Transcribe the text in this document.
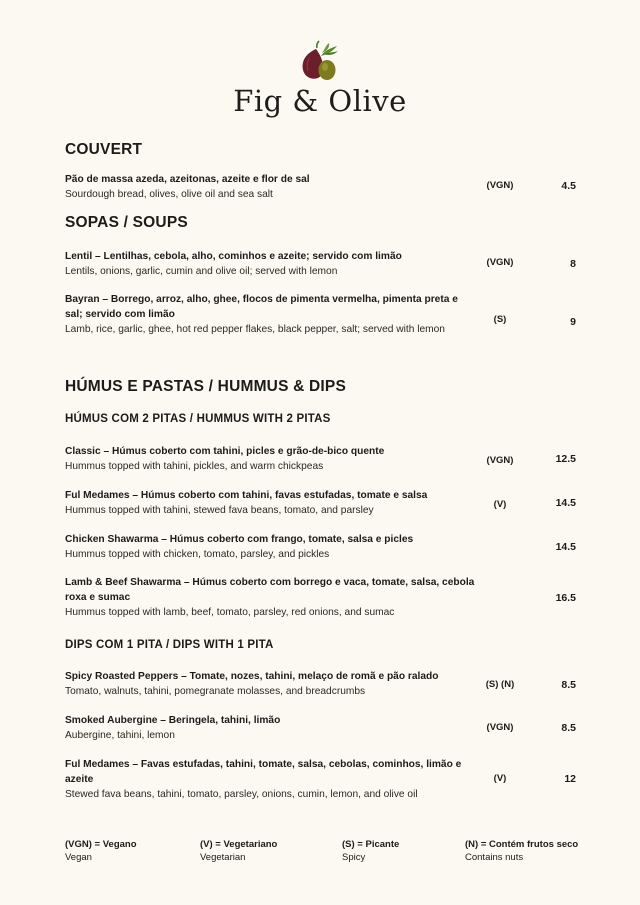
Fig & Olive
COUVERT
Pão de massa azeda, azeitonas, azeite e flor de sal
Sourdough bread, olives, olive oil and sea salt
(VGN)	4.5
SOPAS / SOUPS
Lentil – Lentilhas, cebola, alho, cominhos e azeite; servido com limão
Lentils, onions, garlic, cumin and olive oil; served with lemon
(VGN)	8
Bayran – Borrego, arroz, alho, ghee, flocos de pimenta vermelha, pimenta preta e sal; servido com limão
Lamb, rice, garlic, ghee, hot red pepper flakes, black pepper, salt; served with lemon
(S)	9
HÚMUS E PASTAS / HUMMUS & DIPS
HÚMUS COM 2 PITAS / HUMMUS WITH 2 PITAS
Classic – Húmus coberto com tahini, picles e grão-de-bico quente
Hummus topped with tahini, pickles, and warm chickpeas
(VGN)	12.5
Ful Medames – Húmus coberto com tahini, favas estufadas, tomate e salsa
Hummus topped with tahini, stewed fava beans, tomato, and parsley
(V)	14.5
Chicken Shawarma – Húmus coberto com frango, tomate, salsa e picles
Hummus topped with chicken, tomato, parsley, and pickles
14.5
Lamb & Beef Shawarma – Húmus coberto com borrego e vaca, tomate, salsa, cebola roxa e sumac
Hummus topped with lamb, beef, tomato, parsley, red onions, and sumac
16.5
DIPS COM 1 PITA / DIPS WITH 1 PITA
Spicy Roasted Peppers – Tomate, nozes, tahini, melaço de romã e pão ralado
Tomato, walnuts, tahini, pomegranate molasses, and breadcrumbs
(S) (N)	8.5
Smoked Aubergine – Beringela, tahini, limão
Aubergine, tahini, lemon
(VGN)	8.5
Ful Medames – Favas estufadas, tahini, tomate, salsa, cebolas, cominhos, limão e azeite
Stewed fava beans, tahini, tomato, parsley, onions, cumin, lemon, and olive oil
(V)	12
(VGN) = Vegano
Vegan
(V) = Vegetariano
Vegetarian
(S) = Picante
Spicy
(N) = Contém frutos seco
Contains nuts
